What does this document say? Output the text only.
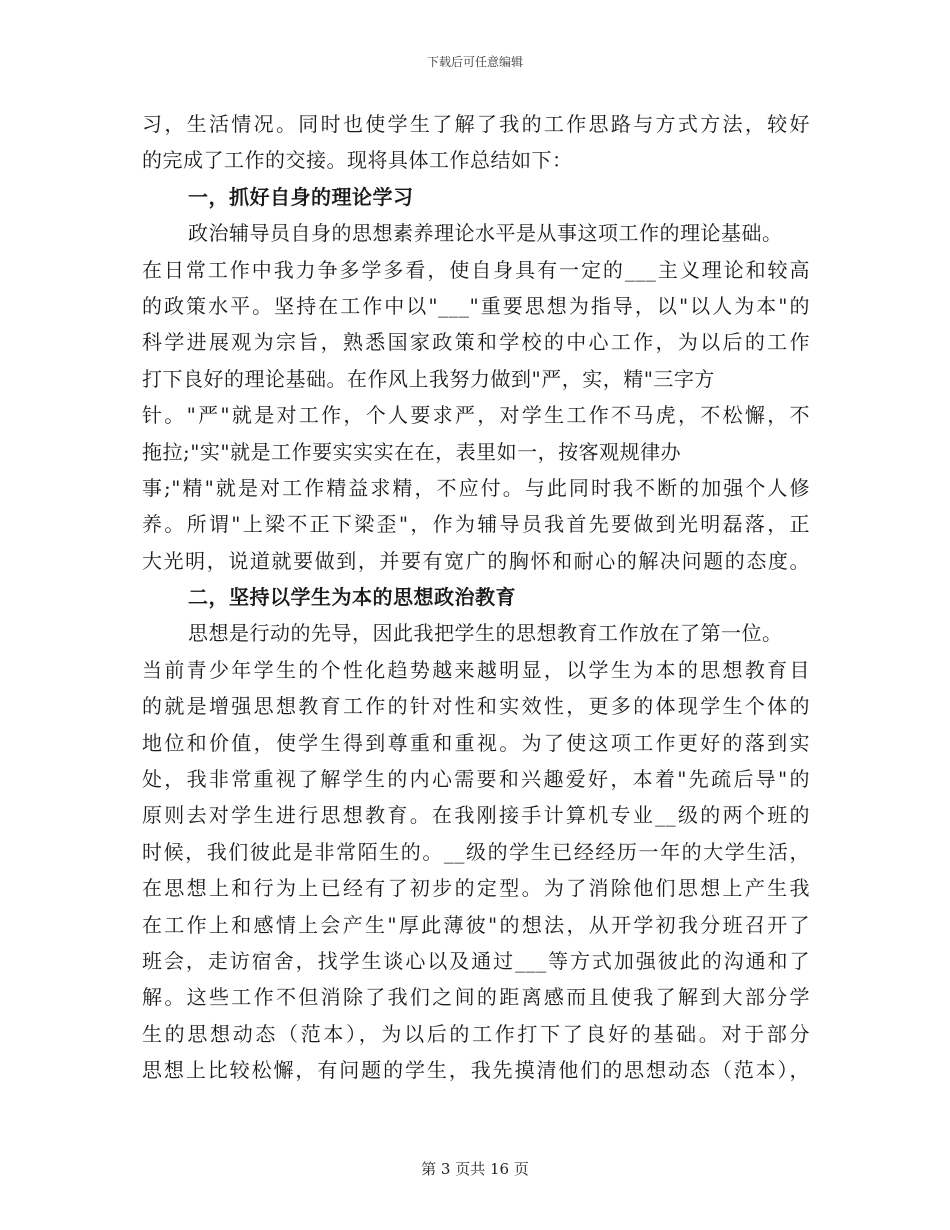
下载后可任意编辑
习，生活情况。同时也使学生了解了我的工作思路与方式方法，较好
的完成了工作的交接。现将具体工作总结如下：
一，抓好自身的理论学习
政治辅导员自身的思想素养理论水平是从事这项工作的理论基础。
在日常工作中我力争多学多看，使自身具有一定的___主义理论和较高
的政策水平。坚持在工作中以"___"重要思想为指导，以"以人为本"的
科学进展观为宗旨，熟悉国家政策和学校的中心工作，为以后的工作
打下良好的理论基础。在作风上我努力做到"严，实，精"三字方
针。"严"就是对工作，个人要求严，对学生工作不马虎，不松懈，不
拖拉;"实"就是工作要实实实在在，表里如一，按客观规律办
事;"精"就是对工作精益求精，不应付。与此同时我不断的加强个人修
养。所谓"上梁不正下梁歪"，作为辅导员我首先要做到光明磊落，正
大光明，说道就要做到，并要有宽广的胸怀和耐心的解决问题的态度。
二，坚持以学生为本的思想政治教育
思想是行动的先导，因此我把学生的思想教育工作放在了第一位。
当前青少年学生的个性化趋势越来越明显，以学生为本的思想教育目
的就是增强思想教育工作的针对性和实效性，更多的体现学生个体的
地位和价值，使学生得到尊重和重视。为了使这项工作更好的落到实
处，我非常重视了解学生的内心需要和兴趣爱好，本着"先疏后导"的
原则去对学生进行思想教育。在我刚接手计算机专业__级的两个班的
时候，我们彼此是非常陌生的。__级的学生已经经历一年的大学生活，
在思想上和行为上已经有了初步的定型。为了消除他们思想上产生我
在工作上和感情上会产生"厚此薄彼"的想法，从开学初我分班召开了
班会，走访宿舍，找学生谈心以及通过___等方式加强彼此的沟通和了
解。这些工作不但消除了我们之间的距离感而且使我了解到大部分学
生的思想动态（范本），为以后的工作打下了良好的基础。对于部分
思想上比较松懈，有问题的学生，我先摸清他们的思想动态（范本），
第 3 页共 16 页
